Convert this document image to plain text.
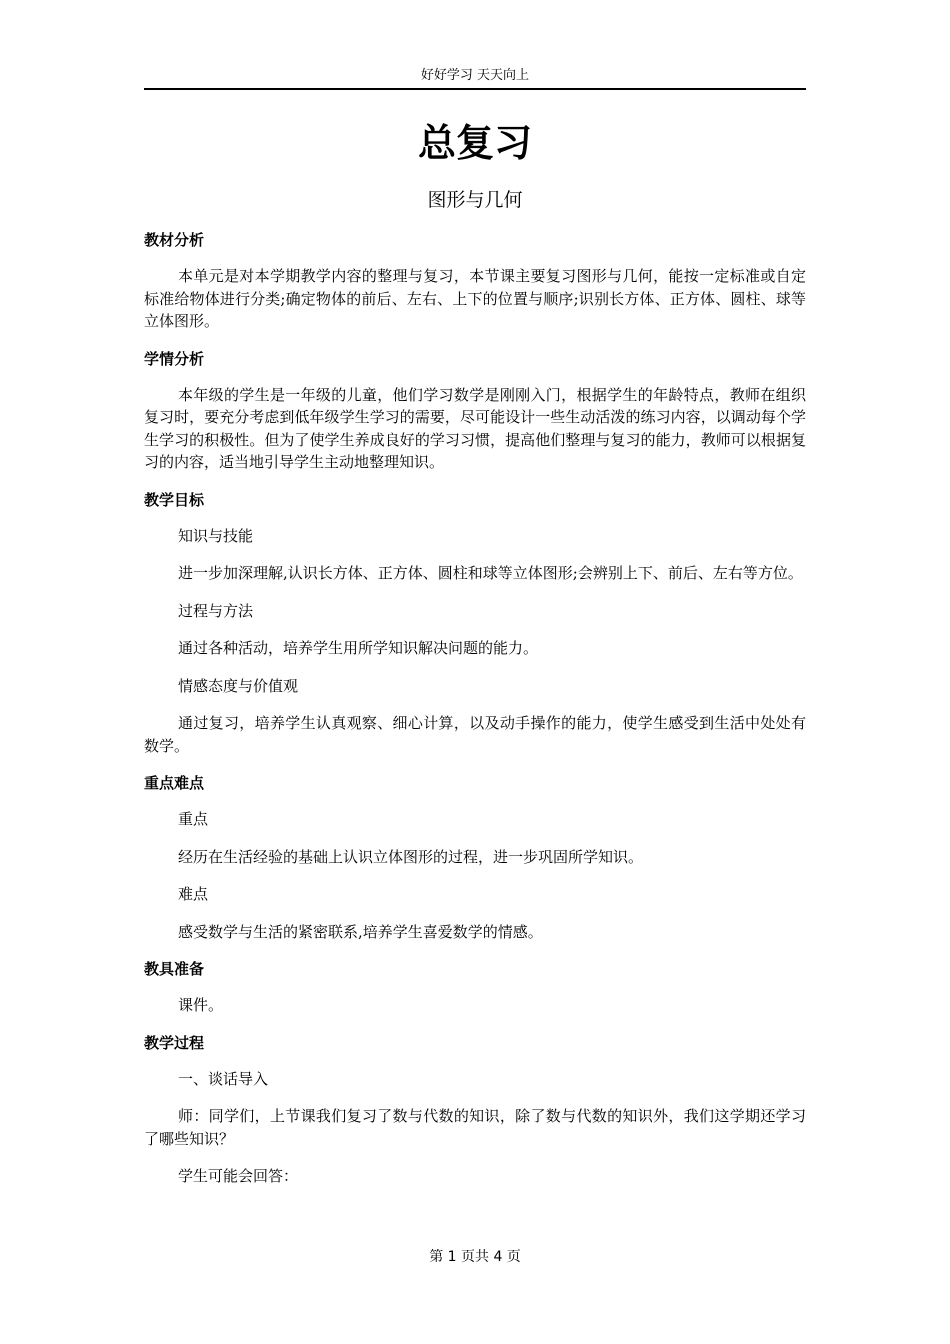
好好学习 天天向上
总复习
图形与几何
教材分析
本单元是对本学期教学内容的整理与复习，本节课主要复习图形与几何，能按一定标准或自定标准给物体进行分类;确定物体的前后、左右、上下的位置与顺序;识别长方体、正方体、圆柱、球等立体图形。
学情分析
本年级的学生是一年级的儿童，他们学习数学是刚刚入门，根据学生的年龄特点，教师在组织复习时，要充分考虑到低年级学生学习的需要，尽可能设计一些生动活泼的练习内容，以调动每个学生学习的积极性。但为了使学生养成良好的学习习惯，提高他们整理与复习的能力，教师可以根据复习的内容，适当地引导学生主动地整理知识。
教学目标
知识与技能
进一步加深理解,认识长方体、正方体、圆柱和球等立体图形;会辨别上下、前后、左右等方位。
过程与方法
通过各种活动，培养学生用所学知识解决问题的能力。
情感态度与价值观
通过复习，培养学生认真观察、细心计算，以及动手操作的能力，使学生感受到生活中处处有数学。
重点难点
重点
经历在生活经验的基础上认识立体图形的过程，进一步巩固所学知识。
难点
感受数学与生活的紧密联系,培养学生喜爱数学的情感。
教具准备
课件。
教学过程
一、谈话导入
师：同学们，上节课我们复习了数与代数的知识，除了数与代数的知识外，我们这学期还学习了哪些知识？
学生可能会回答：
第 1 页共 4 页
